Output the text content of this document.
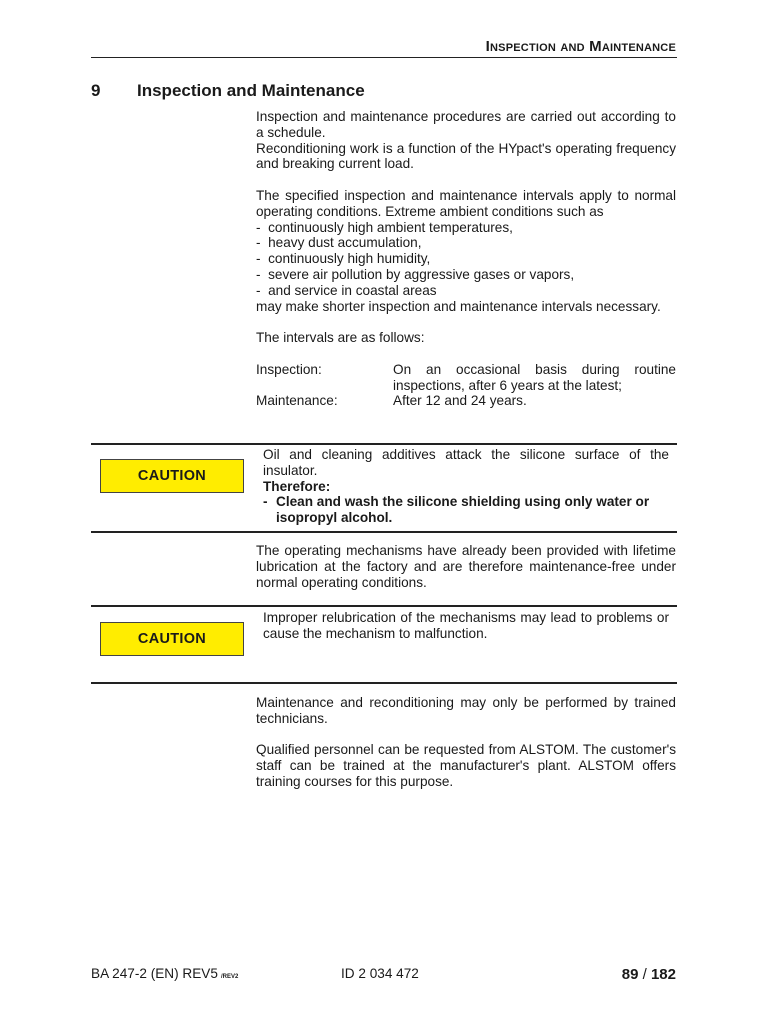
Inspection and Maintenance
9 Inspection and Maintenance

Inspection and maintenance procedures are carried out according to a schedule.

Reconditioning work is a function of the HYpact's operating frequency and breaking current load.

The specified inspection and maintenance intervals apply to normal operating conditions. Extreme ambient conditions such as

- continuously high ambient temperatures,

- heavy dust accumulation,

- continuously high humidity,

- severe air pollution by aggressive gases or vapors,

- and service in coastal areas

may make shorter inspection and maintenance intervals necessary.

The intervals are as follows:

Inspection:	On an occasional basis during routine inspections, after 6 years at the latest;
Maintenance:	After 12 and 24 years.
CAUTION

Oil and cleaning additives attack the silicone surface of the insulator.

Therefore:

- Clean and wash the silicone shielding using only water or isopropyl alcohol.
The operating mechanisms have already been provided with lifetime lubrication at the factory and are therefore maintenance-free under normal operating conditions.
CAUTION

Improper relubrication of the mechanisms may lead to problems or cause the mechanism to malfunction.

Maintenance and reconditioning may only be performed by trained technicians.

Qualified personnel can be requested from ALSTOM. The customer's staff can be trained at the manufacturer's plant. ALSTOM offers training courses for this purpose.

BA 247-2 (EN) REV5 /REV2	ID 2 034 472	89 / 182
